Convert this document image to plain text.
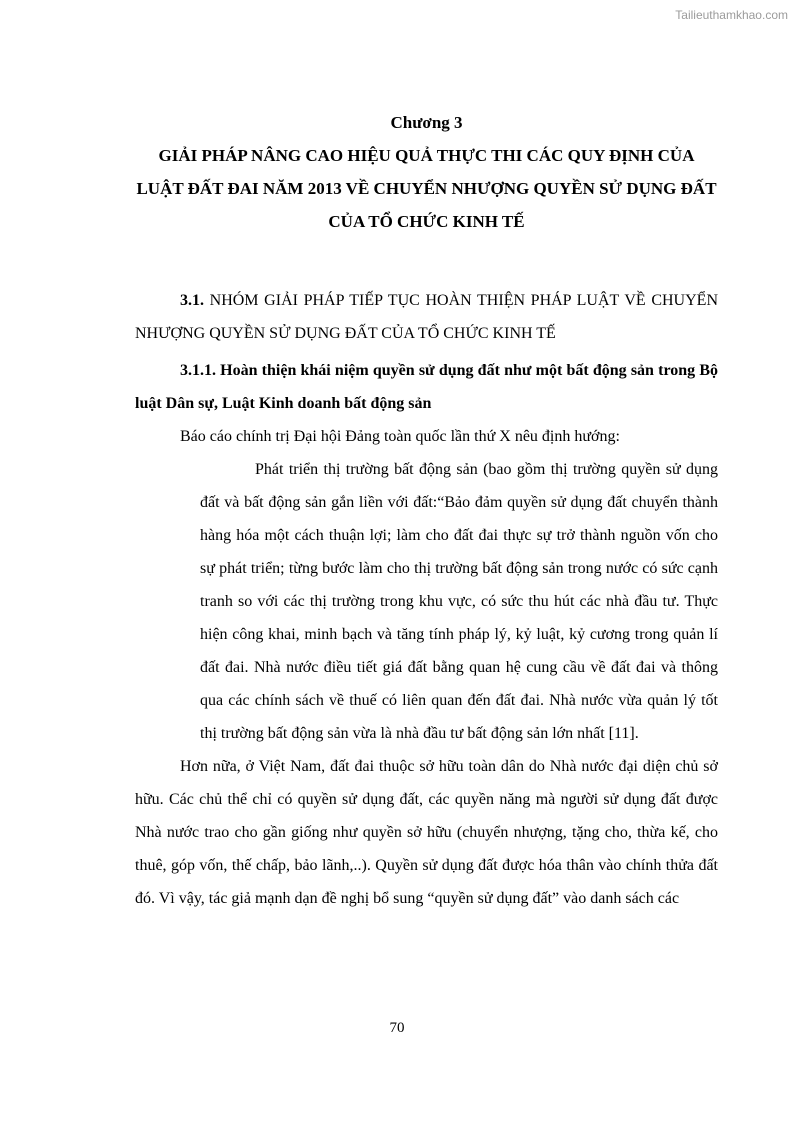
Tailieuthamkhao.com
Chương 3
GIẢI PHÁP NÂNG CAO HIỆU QUẢ THỰC THI CÁC QUY ĐỊNH CỦA LUẬT ĐẤT ĐAI NĂM 2013 VỀ CHUYỂN NHƯỢNG QUYỀN SỬ DỤNG ĐẤT CỦA TỔ CHỨC KINH TẾ

3.1. NHÓM GIẢI PHÁP TIẾP TỤC HOÀN THIỆN PHÁP LUẬT VỀ CHUYỂN NHƯỢNG QUYỀN SỬ DỤNG ĐẤT CỦA TỔ CHỨC KINH TẾ

3.1.1. Hoàn thiện khái niệm quyền sử dụng đất như một bất động sản trong Bộ luật Dân sự, Luật Kinh doanh bất động sản

Báo cáo chính trị Đại hội Đảng toàn quốc lần thứ X nêu định hướng:

Phát triển thị trường bất động sản (bao gồm thị trường quyền sử dụng đất và bất động sản gắn liền với đất:“Bảo đảm quyền sử dụng đất chuyển thành hàng hóa một cách thuận lợi; làm cho đất đai thực sự trở thành nguồn vốn cho sự phát triển; từng bước làm cho thị trường bất động sản trong nước có sức cạnh tranh so với các thị trường trong khu vực, có sức thu hút các nhà đầu tư. Thực hiện công khai, minh bạch và tăng tính pháp lý, kỷ luật, kỷ cương trong quản lí đất đai. Nhà nước điều tiết giá đất bằng quan hệ cung cầu về đất đai và thông qua các chính sách về thuế có liên quan đến đất đai. Nhà nước vừa quản lý tốt thị trường bất động sản vừa là nhà đầu tư bất động sản lớn nhất [11].

Hơn nữa, ở Việt Nam, đất đai thuộc sở hữu toàn dân do Nhà nước đại diện chủ sở hữu. Các chủ thể chỉ có quyền sử dụng đất, các quyền năng mà người sử dụng đất được Nhà nước trao cho gần giống như quyền sở hữu (chuyển nhượng, tặng cho, thừa kế, cho thuê, góp vốn, thế chấp, bảo lãnh,..). Quyền sử dụng đất được hóa thân vào chính thửa đất đó. Vì vậy, tác giả mạnh dạn đề nghị bổ sung “quyền sử dụng đất” vào danh sách các

70
